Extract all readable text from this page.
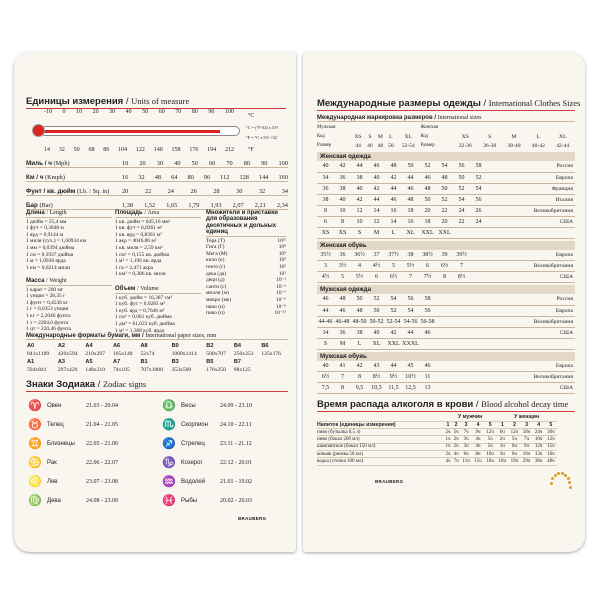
Единицы измерения / Units of measure
-10 0 10 20 30 40 50 60 70 80 90 100
°C
°C = (°F-32) x 5/9
°F = °C x 9/5 +32
14 32 50 68 86 104 122 140 158 176 194 212 °F
Миль / ч (Mph)	10 20 30 40 50 60 70 80 90 100
Км / ч (Kmph)	16 32 48 64 80 96 112 128 144 160
Фунт / кв. дюйм (Lb. / Sq. in)	20	22	24	26	28	30	32	34
Бар (Bar)	1,38 1,52 1,65 1,79 1,93 2,07 2,21 2,34
Длина / Length
1 дюйм = 25,4 мм
1 фут = 0,3048 м
1 ярд = 0,9144 м
1 миля (сух.) = 1,60934 км
1 мм = 0,0394 дюйма
1 см = 0,3937 дюйма
1 м = 1,0936 ярда
1 км = 0,6214 мили
Площадь / Area
1 кв. дюйм = 645,16 мм²
1 кв. фут = 0,8361 м²
1 кв. ярд = 0,8361 м²
1 акр = 4046,86 м²
1 кв. миля = 2,59 км²
1 см² = 0,155 кв. дюйма
1 м² = 1,196 кв. ярда
1 га = 2,471 акра
1 км² = 0,386 кв. мили
Масса / Weight
1 карат = 200 мг
1 унция = 28,35 г
1 фунт = 0,4536 кг
1 г = 0,0353 унции
1 кг = 2,2046 фунта
1 т = 2204,6 фунта
1 цт = 220,46 фунта
Объем / Volume
1 куб. дюйм = 16,387 см³
1 куб. фут = 0,0283 м³
1 куб. ярд = 0,7646 м³
1 см³ = 0,061 куб. дюйма
1 дм³ = 61,023 куб. дюйма
1 м³ = 1,308 куб. ярда
Множители и приставки для образования десятичных и дольных единиц
Тера (Т)	10¹²
Гига (Г)	10⁹
Мега (М)	10⁶
кило (к)	10³
гекто (г)	10²
дека (да)	10¹
деци (д)	10⁻¹
санти (с)	10⁻²
милли (м)	10⁻³
микро (мк)	10⁻⁶
нано (н)	10⁻⁹
пико (п)	10⁻¹²
Международные форматы бумаги, мм / International paper sizes, mm
A0	A2	A4	A6	A8	B0	B2	B4	B6
841x1189	420x594	210x297	105x148	52x74	1000x1414	500x707	250x353	125x176
A1	A3	A5	A7	B1	B3	B5	B7	
594x841	297x420	148x210	74x105	707x1000	353x500	176x250	88x125	
Знаки Зодиака / Zodiac signs
♈ Овен	21.03 - 20.04
♉ Телец	21.04 - 21.05
♊ Близнецы	22.05 - 21.06
♋ Рак	22.06 - 22.07
♌ Лев	23.07 - 23.08
♍ Дева	24.08 - 23.09
♎ Весы	24.09 - 23.10
♏ Скорпион	24.10 - 22.11
♐ Стрелец	23.11 - 21.12
♑ Козерог	22.12 - 20.01
♒ Водолей	21.01 - 19.02
♓ Рыбы	20.02 - 20.03
BRAUBERG
Международные размеры одежды / International Clothes Sizes
Международная маркировка размеров / International sizes
Мужская						Женская					
Код	XS	S	M	L	XL	Код	XS	S	M	L	XL
Размер	44	46	48	50	52-54	Размер	32-36	36-38	38-40	40-42	42-44
Женская одежда
40	42	44	46	48	50	52	54	56	58	Россия
34	36	38	40	42	44	46	48	50	52	Европа
36	38	40	42	44	46	48	50	52	54	Франция
38	40	42	44	46	48	50	52	54	56	Италия
8	10	12	14	16	18	20	22	24	26	Великобритания
6	8	10	12	14	16	18	20	22	24	США
XS	XS	S	M	L	XL	XXL	XXL			
Женская обувь
35½	36	36½	37	37½	38	38½	39	39½		Европа
3	3½	4	4½	5	5½	6	6½	7		Великобритания
4½	5	5½	6	6½	7	7½	8	8½		США
Мужская одежда
46	48	50	52	54	56	58				Россия
44	46	48	50	52	54	56				Европа
44-46	46-48	48-50	50-52	52-54	54-56	56-58				Великобритания
34	36	38	40	42	44	46				США
S	M	L	XL	XXL	XXXL					
Мужская обувь
40	41	42	43	44	45	46				Европа
6½	7	8	8½	9½	10½	11				Великобритания
7,5	8	9,5	10,5	11,5	12,5	13				США
Время распада алкоголя в крови / Blood alcohol decay time
	У мужчин					У женщин				
Напиток (единицы измерения)	1	2	3	4	5	1	2	3	4	5
пиво (бутылка 0,5 л)	2ч	5ч	7ч	9ч	12ч	6ч	12ч	18ч	24ч	30ч
пиво (бокал 200 мл)	1ч	2ч	3ч	4ч	5ч	2ч	5ч	7ч	10ч	12ч
шампанское (бокал 150 мл)	1ч	2ч	3ч	4ч	5ч	3ч	6ч	9ч	12ч	15ч
коньяк (рюмка 50 мл)	2ч	4ч	6ч	8ч	10ч	3ч	6ч	10ч	13ч	16ч
водка (стопка 100 мл)	4ч	7ч	11ч	15ч	18ч	10ч	19ч	29ч	38ч	48ч
BRAUBERG
